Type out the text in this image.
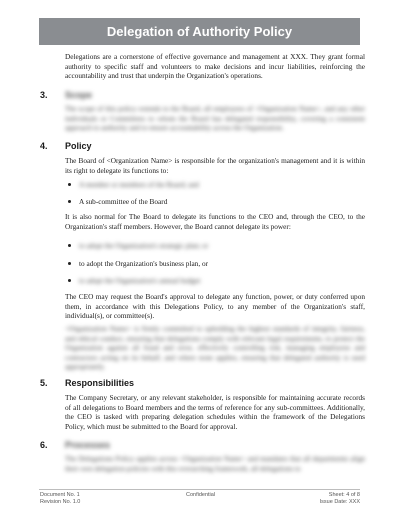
Delegation of Authority Policy
Delegations are a cornerstone of effective governance and management at XXX. They grant formal authority to specific staff and volunteers to make decisions and incur liabilities, reinforcing the accountability and trust that underpin the Organization's operations.
3. Scope
The scope of this policy extends to the Board, all employees of <Organization Name>, and any other individuals or Committees to whom the Board has delegated responsibility, covering a consistent approach to authority and to ensure accountability across the Organization.
4. Policy
The Board of <Organization Name> is responsible for the organization's management and it is within its right to delegate its functions to:
A member or members of the Board; and
A sub-committee of the Board
It is also normal for The Board to delegate its functions to the CEO and, through the CEO, to the Organization's staff members. However, the Board cannot delegate its power:
to adopt the Organization's strategic plan; or
to adopt the Organization's business plan, or
to adopt the Organization's annual budget
The CEO may request the Board's approval to delegate any function, power, or duty conferred upon them, in accordance with this Delegations Policy, to any member of the Organization's staff, individual(s), or committee(s).
<Organization Name> is firmly committed to upholding the highest standards of integrity, fairness, and ethical conduct, ensuring that delegations comply with relevant legal requirements, to protect the Organization against all fraud and error, effectively controlling risk, managing employees and contractors acting on its behalf, and where none applies, ensuring that delegated authority is used appropriately.
5. Responsibilities
The Company Secretary, or any relevant stakeholder, is responsible for maintaining accurate records of all delegations to Board members and the terms of reference for any sub-committees. Additionally, the CEO is tasked with preparing delegation schedules within the framework of the Delegations Policy, which must be submitted to the Board for approval.
6. Processes
The Delegations Policy applies across <Organization Name> and mandates that all departments align their own delegation policies with this overarching framework, all delegations to
Document No. 1
Revision No. 1.0
Confidential	Sheet: 4 of 8
Issue Date: XXX
